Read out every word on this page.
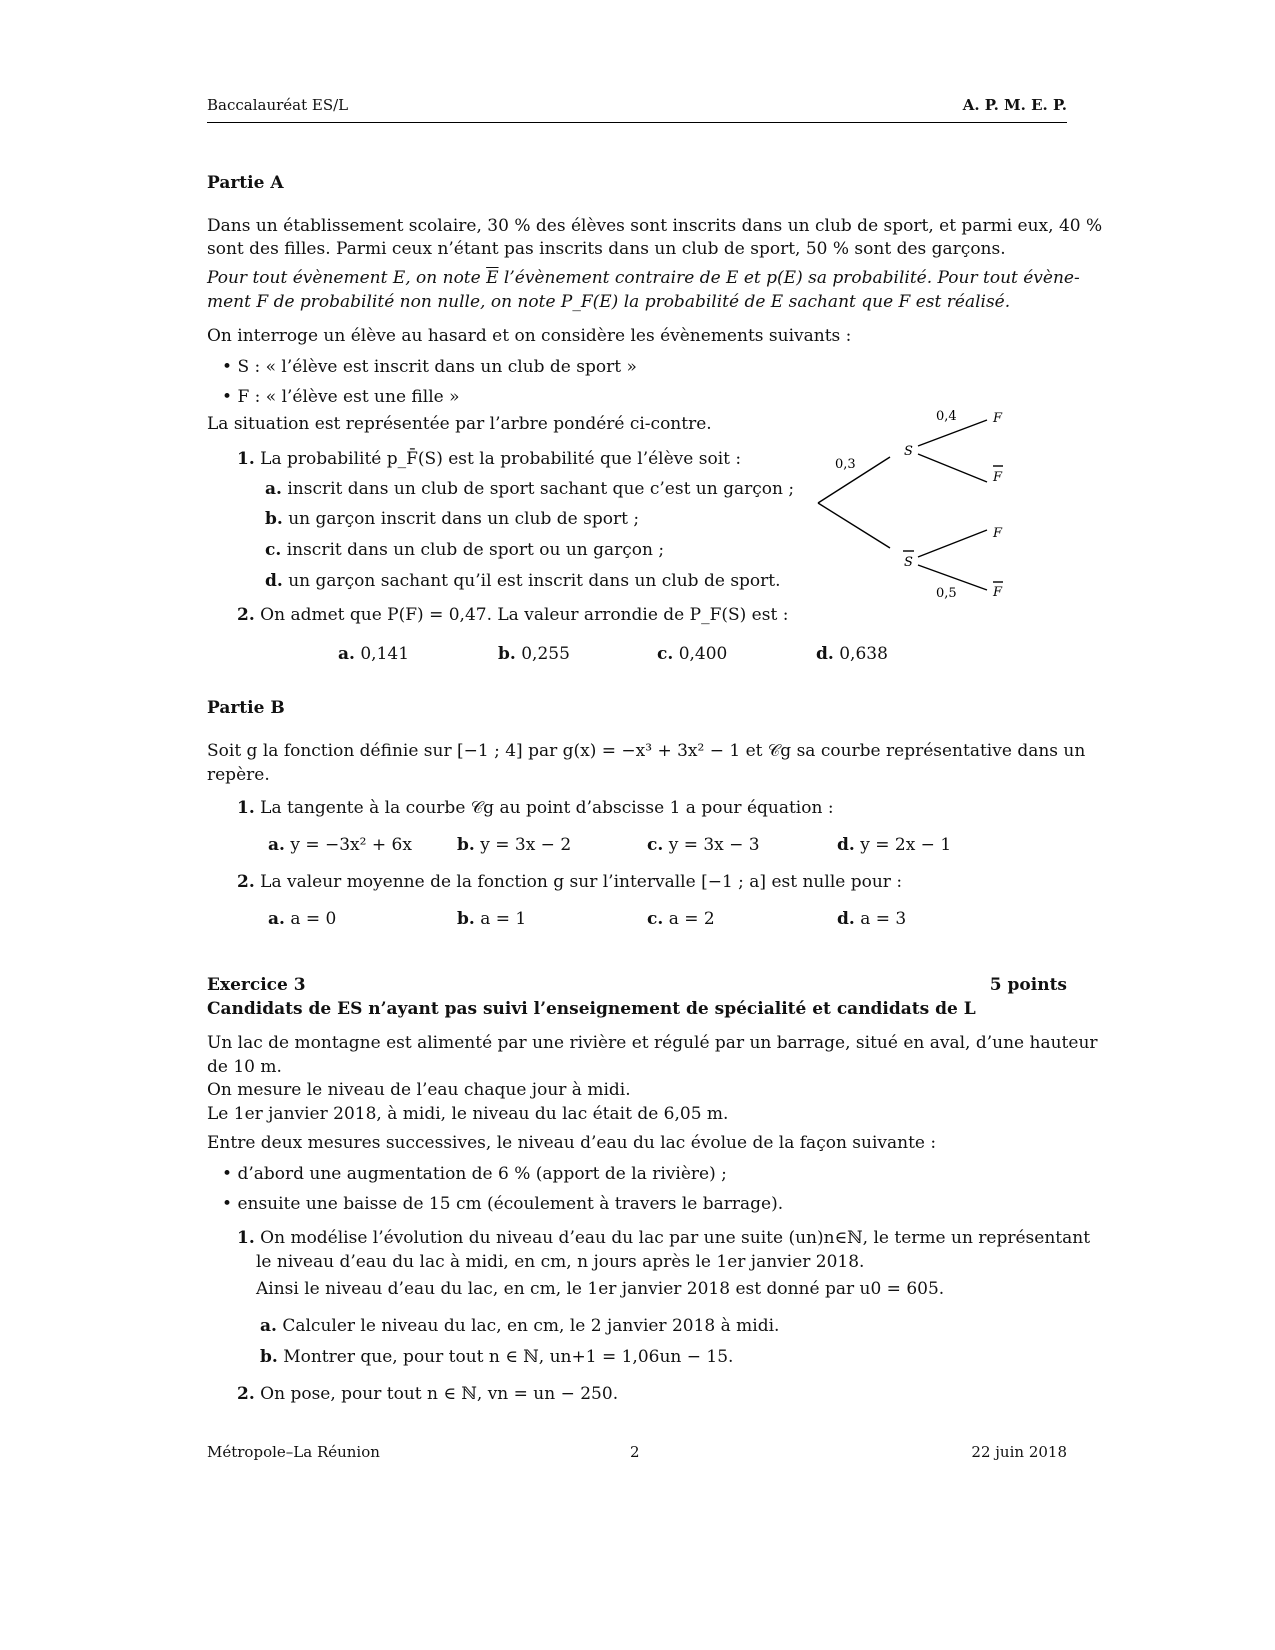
Baccalauréat ES/L	A. P. M. E. P.
Partie A
Dans un établissement scolaire, 30 % des élèves sont inscrits dans un club de sport, et parmi eux, 40 %
sont des filles. Parmi ceux n’étant pas inscrits dans un club de sport, 50 % sont des garçons.
Pour tout évènement E, on note $\overline{E}$ l’évènement contraire de E et p(E) sa probabilité. Pour tout évène-
ment F de probabilité non nulle, on note P_F(E) la probabilité de E sachant que F est réalisé.
On interroge un élève au hasard et on considère les évènements suivants :
• S : « l’élève est inscrit dans un club de sport »
• F : « l’élève est une fille »
La situation est représentée par l’arbre pondéré ci-contre.
1. La probabilité p_F̄(S) est la probabilité que l’élève soit :
a. inscrit dans un club de sport sachant que c’est un garçon ;
b. un garçon inscrit dans un club de sport ;
c. inscrit dans un club de sport ou un garçon ;
d. un garçon sachant qu’il est inscrit dans un club de sport.
2. On admet que P(F) = 0,47. La valeur arrondie de P_F(S) est :
a. 0,141	b. 0,255	c. 0,400	d. 0,638
0,3
0,4
0,5
S
S
F
F
F
F
Partie B
Soit g la fonction définie sur [−1 ; 4] par g(x) = −x³ + 3x² − 1 et 𝒞g sa courbe représentative dans un
repère.
1. La tangente à la courbe 𝒞g au point d’abscisse 1 a pour équation :
a. y = −3x² + 6x	b. y = 3x − 2	c. y = 3x − 3	d. y = 2x − 1
2. La valeur moyenne de la fonction g sur l’intervalle [−1 ; a] est nulle pour :
a. a = 0	b. a = 1	c. a = 2	d. a = 3
Exercice 3	5 points
Candidats de ES n’ayant pas suivi l’enseignement de spécialité et candidats de L
Un lac de montagne est alimenté par une rivière et régulé par un barrage, situé en aval, d’une hauteur
de 10 m.
On mesure le niveau de l’eau chaque jour à midi.
Le 1er janvier 2018, à midi, le niveau du lac était de 6,05 m.
Entre deux mesures successives, le niveau d’eau du lac évolue de la façon suivante :
• d’abord une augmentation de 6 % (apport de la rivière) ;
• ensuite une baisse de 15 cm (écoulement à travers le barrage).
1. On modélise l’évolution du niveau d’eau du lac par une suite (un)n∈ℕ, le terme un représentant
le niveau d’eau du lac à midi, en cm, n jours après le 1er janvier 2018.
Ainsi le niveau d’eau du lac, en cm, le 1er janvier 2018 est donné par u0 = 605.
a. Calculer le niveau du lac, en cm, le 2 janvier 2018 à midi.
b. Montrer que, pour tout n ∈ ℕ, un+1 = 1,06un − 15.
2. On pose, pour tout n ∈ ℕ, vn = un − 250.
Métropole–La Réunion	2	22 juin 2018
